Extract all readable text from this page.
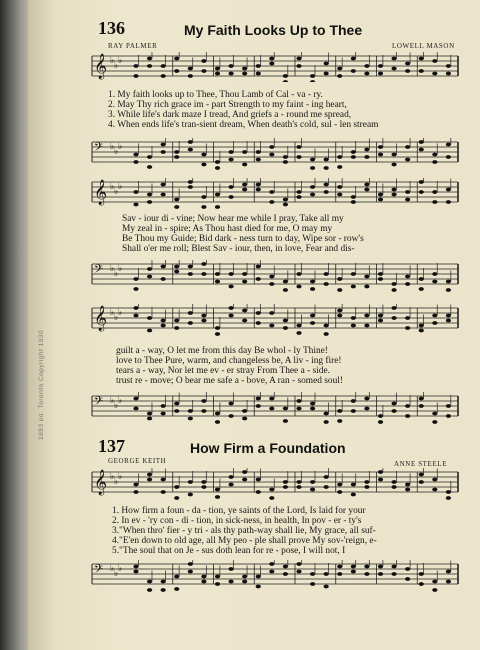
1893 ed. Toronto Copyright 1930
136	My Faith Looks Up to Thee
RAY PALMER	LOWELL MASON
𝄞 ♭ ♭ ♭
𝄢 ♭ ♭ ♭
𝄞 ♭ ♭ ♭
𝄢 ♭ ♭ ♭
𝄞 ♭ ♭ ♭
𝄢 ♭ ♭ ♭
𝄞 ♭ ♭ ♭
𝄢 ♭ ♭ ♭
1. My faith looks up to Thee, Thou Lamb of Cal - va - ry.
2. May Thy rich grace im - part Strength to my faint - ing heart,
3. While life's dark maze I tread, And griefs a - round me spread,
4. When ends life's tran-sient dream, When death's cold, sul - len stream
Sav - iour di - vine; Now hear me while I pray, Take all my
My zeal in - spire; As Thou hast died for me, O may my
Be Thou my Guide; Bid dark - ness turn to day, Wipe sor - row's
Shall o'er me roll; Blest Sav - iour, then, in love, Fear and dis-
guilt a - way, O let me from this day Be whol - ly Thine!
love to Thee Pure, warm, and changeless be, A liv - ing fire!
tears a - way, Nor let me ev - er stray From Thee a - side.
trust re - move; O bear me safe a - bove, A ran - somed soul!
137	How Firm a Foundation
GEORGE KEITH	ANNE STEELE
1. How firm a foun - da - tion, ye saints of the Lord, Is laid for your
2. In ev - 'ry con - di - tion, in sick-ness, in health, In pov - er - ty's
3."When thro' fier - y tri - als thy path-way shall lie, My grace, all suf-
4."E'en down to old age, all My peo - ple shall prove My sov-'reign, e-
5."The soul that on Je - sus doth lean for re - pose, I will not, I
